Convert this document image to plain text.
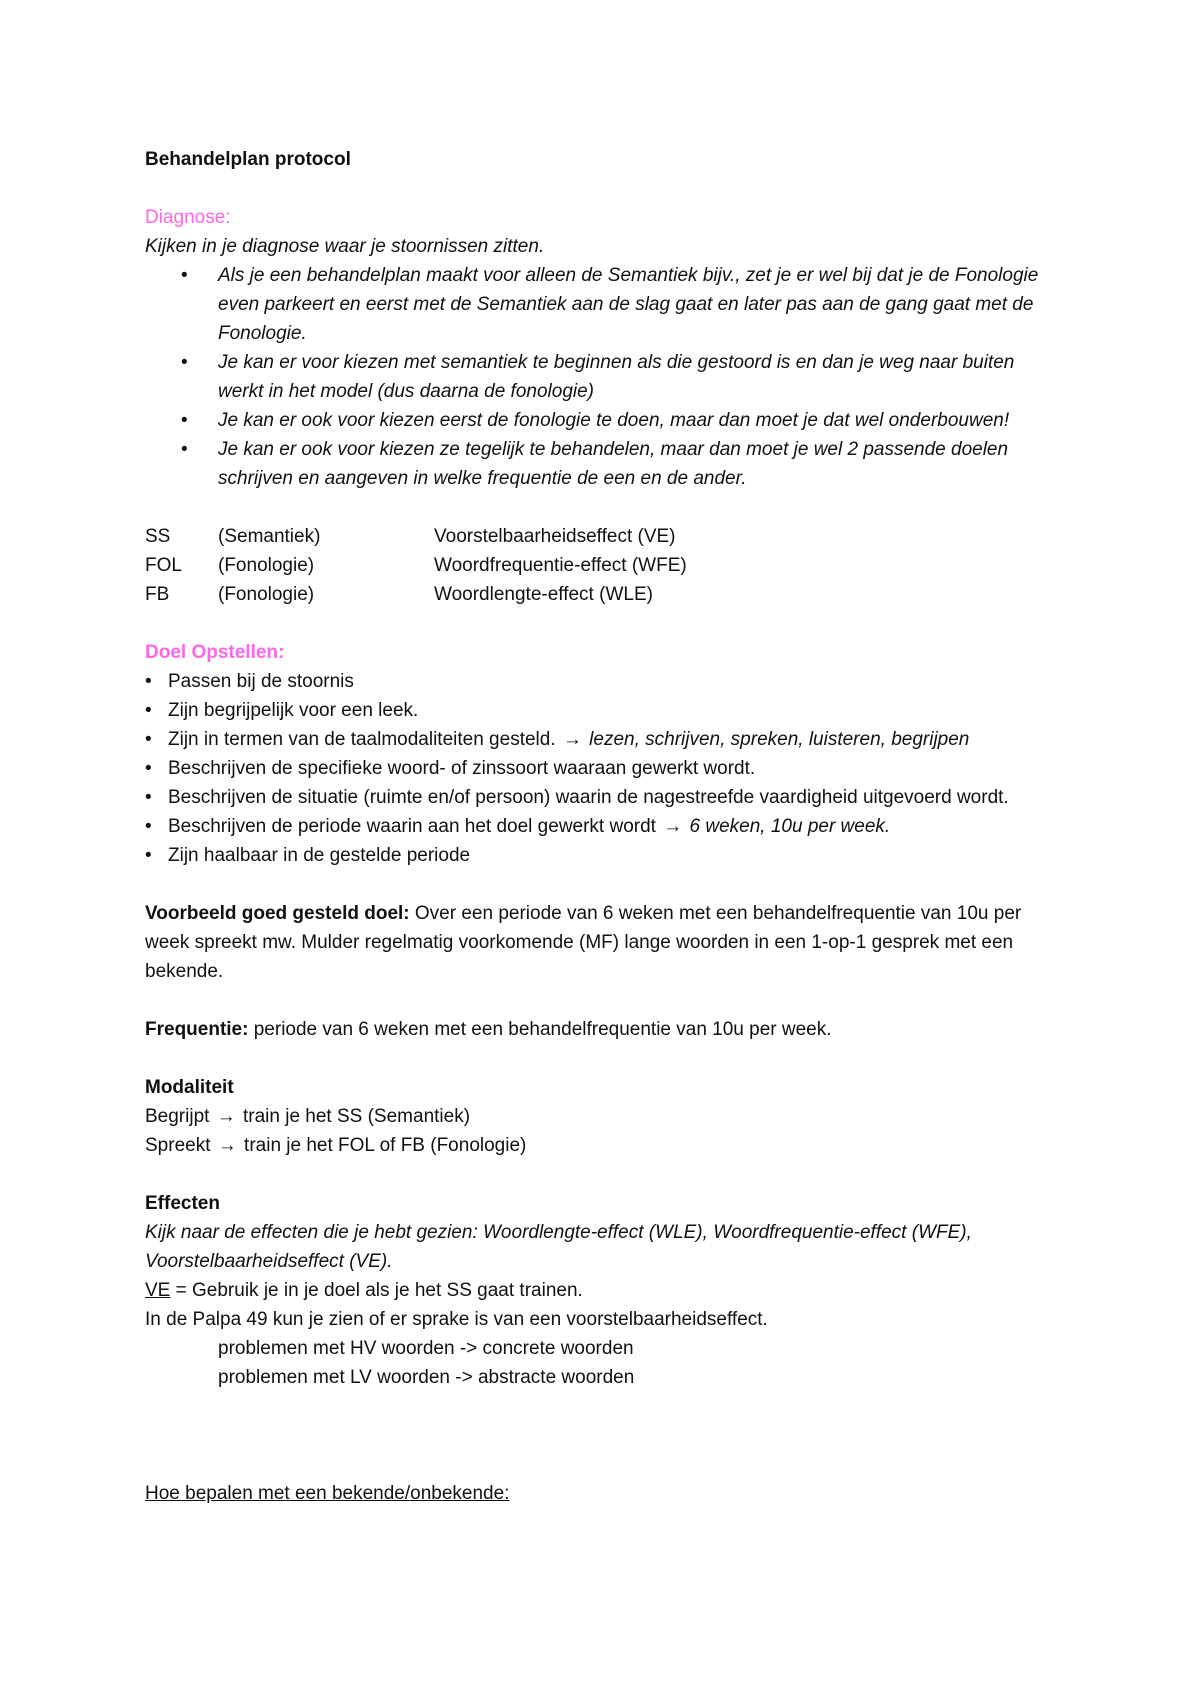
Behandelplan protocol

Diagnose:

Kijken in je diagnose waar je stoornissen zitten.

• Als je een behandelplan maakt voor alleen de Semantiek bijv., zet je er wel bij dat je de Fonologie even parkeert en eerst met de Semantiek aan de slag gaat en later pas aan de gang gaat met de Fonologie.
• Je kan er voor kiezen met semantiek te beginnen als die gestoord is en dan je weg naar buiten werkt in het model (dus daarna de fonologie)
• Je kan er ook voor kiezen eerst de fonologie te doen, maar dan moet je dat wel onderbouwen!
• Je kan er ook voor kiezen ze tegelijk te behandelen, maar dan moet je wel 2 passende doelen schrijven en aangeven in welke frequentie de een en de ander.
SS	(Semantiek)	Voorstelbaarheidseffect (VE)
FOL	(Fonologie)	Woordfrequentie-effect (WFE)
FB	(Fonologie)	Woordlengte-effect (WLE)

Doel Opstellen:

• Passen bij de stoornis
• Zijn begrijpelijk voor een leek.
• Zijn in termen van de taalmodaliteiten gesteld. → lezen, schrijven, spreken, luisteren, begrijpen
• Beschrijven de specifieke woord- of zinssoort waaraan gewerkt wordt.
• Beschrijven de situatie (ruimte en/of persoon) waarin de nagestreefde vaardigheid uitgevoerd wordt.
• Beschrijven de periode waarin aan het doel gewerkt wordt → 6 weken, 10u per week.
• Zijn haalbaar in de gestelde periode

Voorbeeld goed gesteld doel: Over een periode van 6 weken met een behandelfrequentie van 10u per week spreekt mw. Mulder regelmatig voorkomende (MF) lange woorden in een 1-op-1 gesprek met een bekende.

Frequentie: periode van 6 weken met een behandelfrequentie van 10u per week.

Modaliteit

Begrijpt → train je het SS (Semantiek)

Spreekt → train je het FOL of FB (Fonologie)

Effecten

Kijk naar de effecten die je hebt gezien: Woordlengte-effect (WLE), Woordfrequentie-effect (WFE), Voorstelbaarheidseffect (VE).

VE = Gebruik je in je doel als je het SS gaat trainen.

In de Palpa 49 kun je zien of er sprake is van een voorstelbaarheidseffect.

problemen met HV woorden -> concrete woorden

problemen met LV woorden -> abstracte woorden

Hoe bepalen met een bekende/onbekende:
